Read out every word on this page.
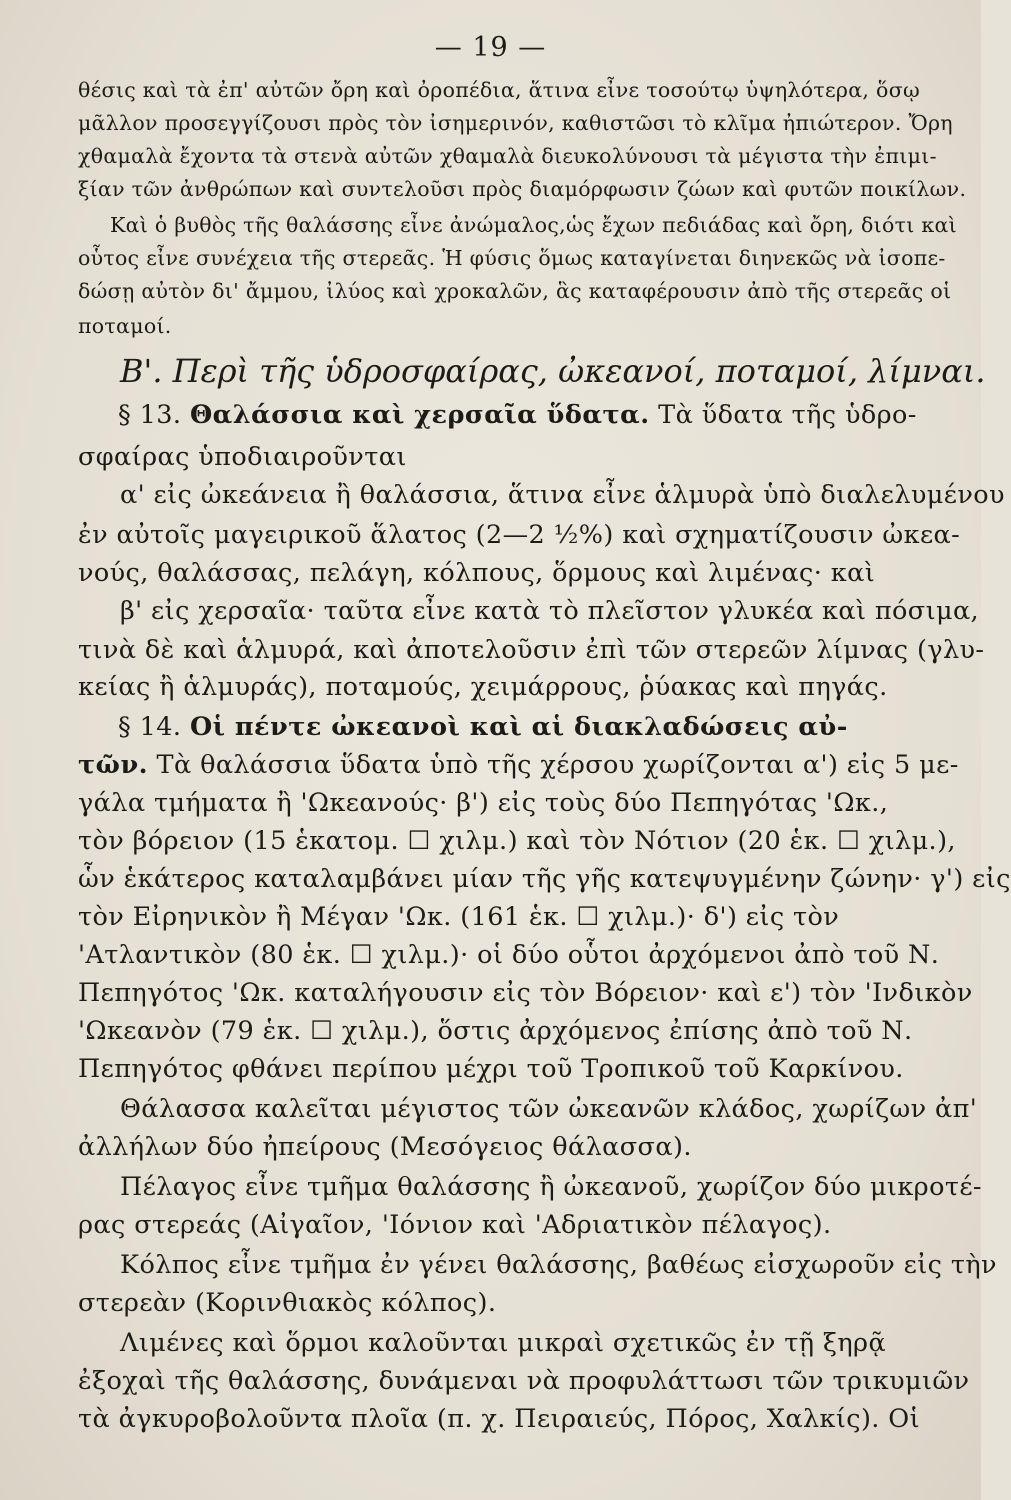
— 19 —
θέσις καὶ τὰ ἐπ' αὐτῶν ὄρη καὶ ὀροπέδια, ἅτινα εἶνε τοσούτῳ ὑψηλότερα, ὅσῳ
μᾶλλον προσεγγίζουσι πρὸς τὸν ἰσημερινόν, καθιστῶσι τὸ κλῖμα ἠπιώτερον. Ὄρη
χθαμαλὰ ἔχοντα τὰ στενὰ αὐτῶν χθαμαλὰ διευκολύνουσι τὰ μέγιστα τὴν ἐπιμι-
ξίαν τῶν ἀνθρώπων καὶ συντελοῦσι πρὸς διαμόρφωσιν ζώων καὶ φυτῶν ποικίλων.
Καὶ ὁ βυθὸς τῆς θαλάσσης εἶνε ἀνώμαλος,ὡς ἔχων πεδιάδας καὶ ὄρη, διότι καὶ
οὗτος εἶνε συνέχεια τῆς στερεᾶς. Ἡ φύσις ὅμως καταγίνεται διηνεκῶς νὰ ἰσοπε-
δώσῃ αὐτὸν δι' ἄμμου, ἰλύος καὶ χροκαλῶν, ἃς καταφέρουσιν ἀπὸ τῆς στερεᾶς οἱ
ποταμοί.
Β'. Περὶ τῆς ὑδροσφαίρας, ὠκεανοί, ποταμοί, λίμναι.
§ 13. Θαλάσσια καὶ χερσαῖα ὕδατα. Τὰ ὕδατα τῆς ὑδρο-
σφαίρας ὑποδιαιροῦνται
α' εἰς ὠκεάνεια ἢ θαλάσσια, ἅτινα εἶνε ἁλμυρὰ ὑπὸ διαλελυμένου
ἐν αὐτοῖς μαγειρικοῦ ἅλατος (2—2 ½%) καὶ σχηματίζουσιν ὠκεα-
νούς, θαλάσσας, πελάγη, κόλπους, ὅρμους καὶ λιμένας· καὶ
β' εἰς χερσαῖα· ταῦτα εἶνε κατὰ τὸ πλεῖστον γλυκέα καὶ πόσιμα,
τινὰ δὲ καὶ ἁλμυρά, καὶ ἀποτελοῦσιν ἐπὶ τῶν στερεῶν λίμνας (γλυ-
κείας ἢ ἁλμυράς), ποταμούς, χειμάρρους, ῥύακας καὶ πηγάς.
§ 14. Οἱ πέντε ὠκεανοὶ καὶ αἱ διακλαδώσεις αὐ-
τῶν. Τὰ θαλάσσια ὕδατα ὑπὸ τῆς χέρσου χωρίζονται α') εἰς 5 με-
γάλα τμήματα ἢ 'Ωκεανούς· β') εἰς τοὺς δύο Πεπηγότας 'Ωκ.,
τὸν βόρειον (15 ἑκατομ. ☐ χιλμ.) καὶ τὸν Νότιον (20 ἑκ. ☐ χιλμ.),
ὧν ἑκάτερος καταλαμβάνει μίαν τῆς γῆς κατεψυγμένην ζώνην· γ') εἰς
τὸν Εἰρηνικὸν ἢ Μέγαν 'Ωκ. (161 ἑκ. ☐ χιλμ.)· δ') εἰς τὸν
'Ατλαντικὸν (80 ἑκ. ☐ χιλμ.)· οἱ δύο οὗτοι ἀρχόμενοι ἀπὸ τοῦ Ν.
Πεπηγότος 'Ωκ. καταλήγουσιν εἰς τὸν Βόρειον· καὶ ε') τὸν 'Ινδικὸν
'Ωκεανὸν (79 ἑκ. ☐ χιλμ.), ὅστις ἀρχόμενος ἐπίσης ἀπὸ τοῦ Ν.
Πεπηγότος φθάνει περίπου μέχρι τοῦ Τροπικοῦ τοῦ Καρκίνου.
Θάλασσα καλεῖται μέγιστος τῶν ὠκεανῶν κλάδος, χωρίζων ἀπ'
ἀλλήλων δύο ἠπείρους (Μεσόγειος θάλασσα).
Πέλαγος εἶνε τμῆμα θαλάσσης ἢ ὠκεανοῦ, χωρίζον δύο μικροτέ-
ρας στερεάς (Αἰγαῖον, 'Ιόνιον καὶ 'Αδριατικὸν πέλαγος).
Κόλπος εἶνε τμῆμα ἐν γένει θαλάσσης, βαθέως εἰσχωροῦν εἰς τὴν
στερεὰν (Κορινθιακὸς κόλπος).
Λιμένες καὶ ὅρμοι καλοῦνται μικραὶ σχετικῶς ἐν τῇ ξηρᾷ
ἐξοχαὶ τῆς θαλάσσης, δυνάμεναι νὰ προφυλάττωσι τῶν τρικυμιῶν
τὰ ἀγκυροβολοῦντα πλοῖα (π. χ. Πειραιεύς, Πόρος, Χαλκίς). Οἱ
